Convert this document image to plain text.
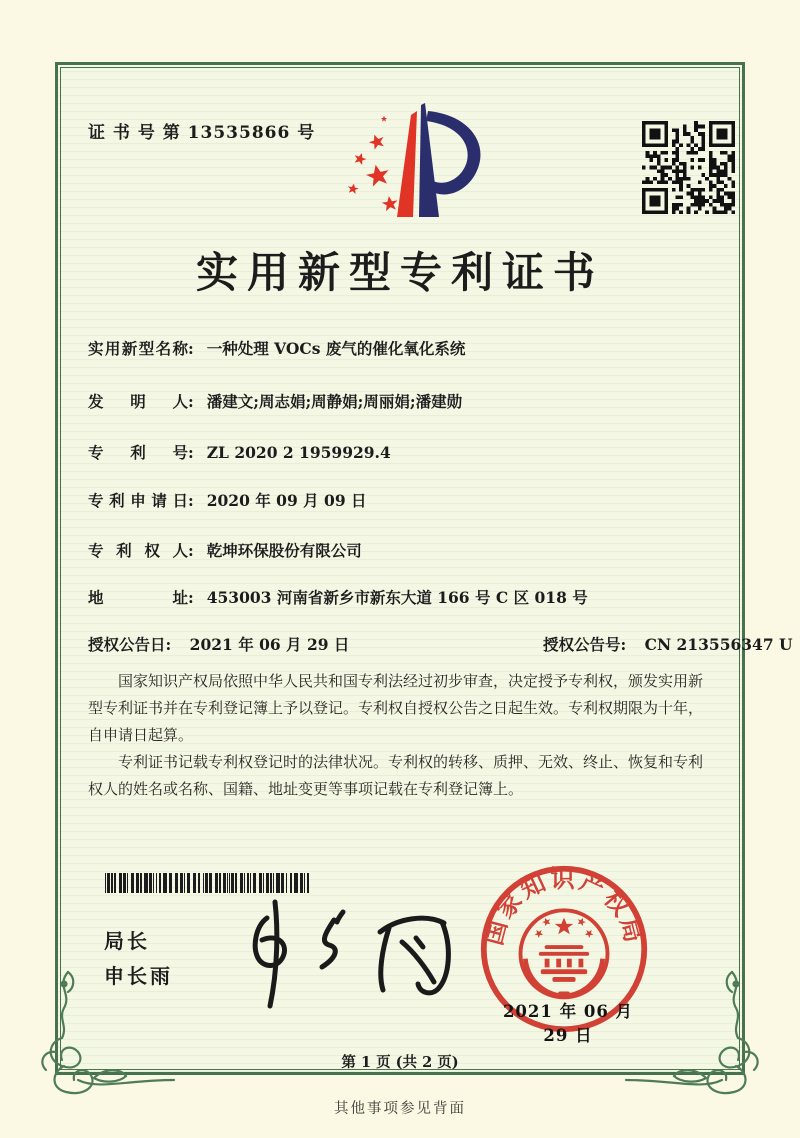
证 书 号 第 13535866 号
实用新型专利证书
实用新型名称: 一种处理 VOCs 废气的催化氧化系统
发明人: 潘建文;周志娟;周静娟;周丽娟;潘建勋
专利号: ZL 2020 2 1959929.4
专利申请日: 2020 年 09 月 09 日
专利权人: 乾坤环保股份有限公司
地址: 453003 河南省新乡市新东大道 166 号 C 区 018 号
授权公告日: 2021 年 06 月 29 日	授权公告号: CN 213556347 U

国家知识产权局依照中华人民共和国专利法经过初步审查，决定授予专利权，颁发实用新型专利证书并在专利登记簿上予以登记。专利权自授权公告之日起生效。专利权期限为十年，自申请日起算。

专利证书记载专利权登记时的法律状况。专利权的转移、质押、无效、终止、恢复和专利权人的姓名或名称、国籍、地址变更等事项记载在专利登记簿上。

局长
申长雨
国家知识产权局
2021 年 06 月 29 日
第 1 页 (共 2 页)
其他事项参见背面
